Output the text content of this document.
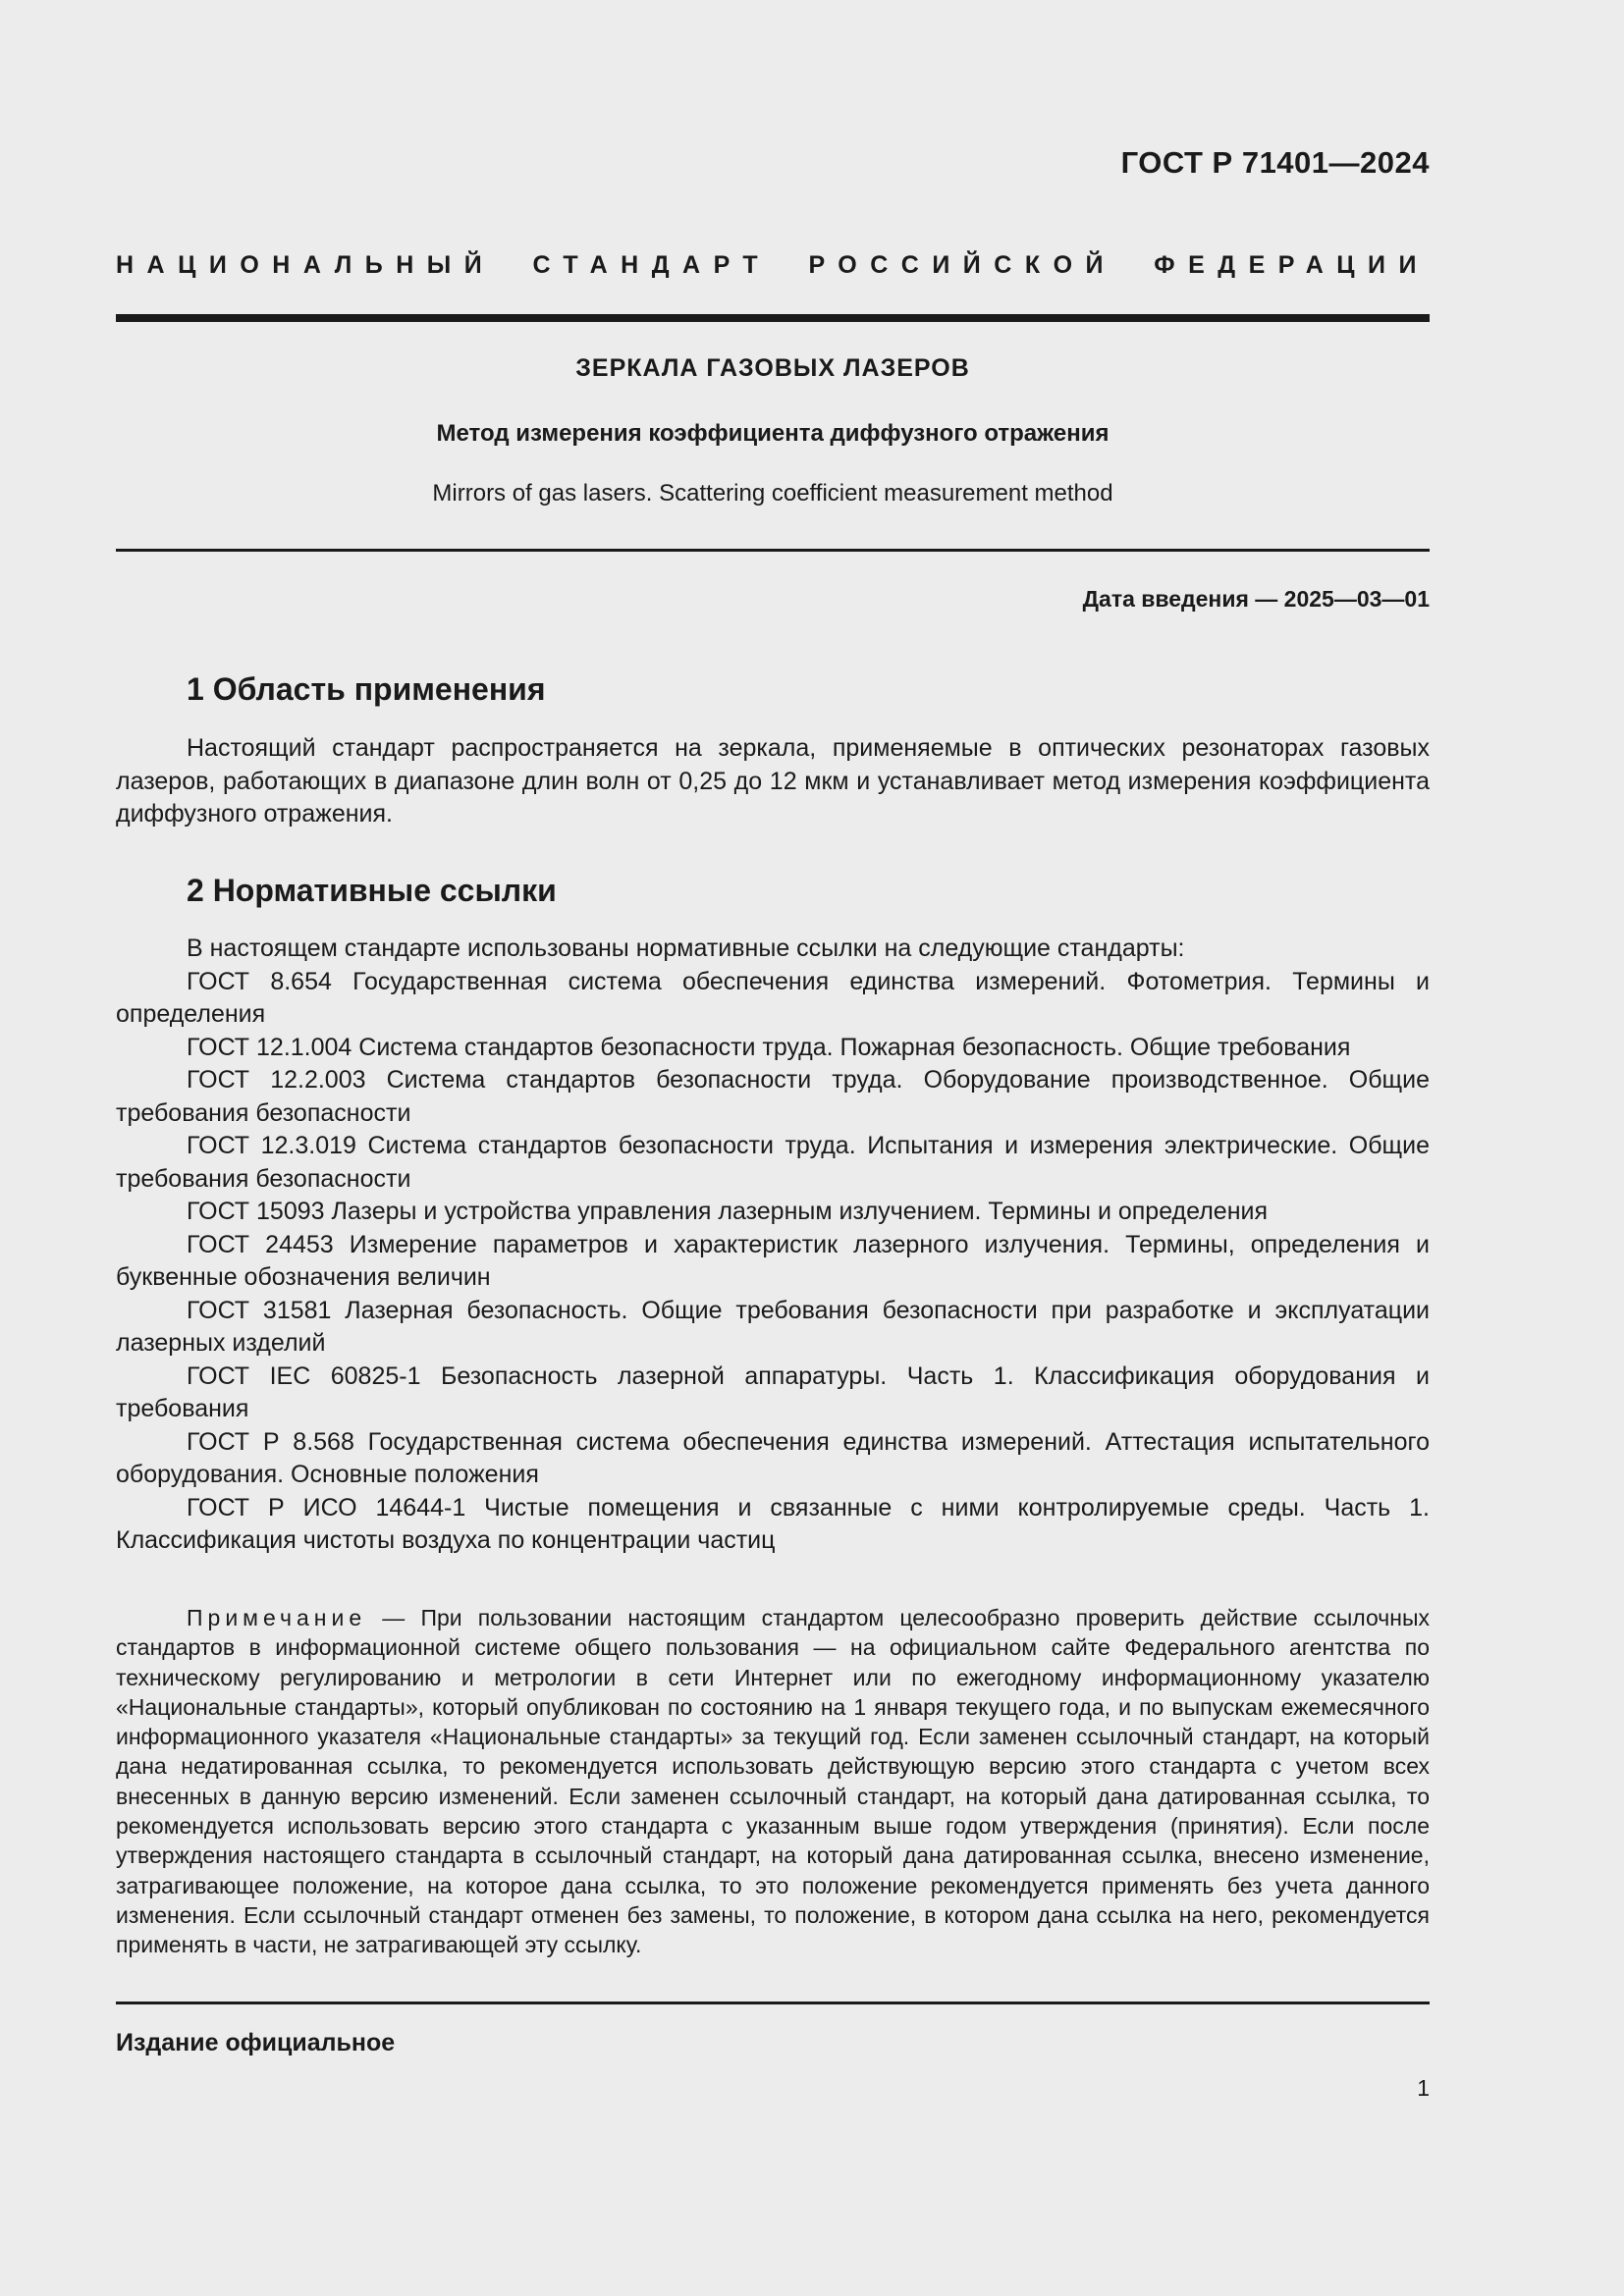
ГОСТ Р 71401—2024
НАЦИОНАЛЬНЫЙ СТАНДАРТ РОССИЙСКОЙ ФЕДЕРАЦИИ
ЗЕРКАЛА ГАЗОВЫХ ЛАЗЕРОВ
Метод измерения коэффициента диффузного отражения
Mirrors of gas lasers. Scattering coefficient measurement method
Дата введения — 2025—03—01
1 Область применения

Настоящий стандарт распространяется на зеркала, применяемые в оптических резонаторах газовых лазеров, работающих в диапазоне длин волн от 0,25 до 12 мкм и устанавливает метод измерения коэффициента диффузного отражения.

2 Нормативные ссылки

В настоящем стандарте использованы нормативные ссылки на следующие стандарты:

ГОСТ 8.654 Государственная система обеспечения единства измерений. Фотометрия. Термины и определения

ГОСТ 12.1.004 Система стандартов безопасности труда. Пожарная безопасность. Общие требования

ГОСТ 12.2.003 Система стандартов безопасности труда. Оборудование производственное. Общие требования безопасности

ГОСТ 12.3.019 Система стандартов безопасности труда. Испытания и измерения электрические. Общие требования безопасности

ГОСТ 15093 Лазеры и устройства управления лазерным излучением. Термины и определения

ГОСТ 24453 Измерение параметров и характеристик лазерного излучения. Термины, определения и буквенные обозначения величин

ГОСТ 31581 Лазерная безопасность. Общие требования безопасности при разработке и эксплуатации лазерных изделий

ГОСТ IEC 60825-1 Безопасность лазерной аппаратуры. Часть 1. Классификация оборудования и требования

ГОСТ Р 8.568 Государственная система обеспечения единства измерений. Аттестация испытательного оборудования. Основные положения

ГОСТ Р ИСО 14644-1 Чистые помещения и связанные с ними контролируемые среды. Часть 1. Классификация чистоты воздуха по концентрации частиц

Примечание — При пользовании настоящим стандартом целесообразно проверить действие ссылочных стандартов в информационной системе общего пользования — на официальном сайте Федерального агентства по техническому регулированию и метрологии в сети Интернет или по ежегодному информационному указателю «Национальные стандарты», который опубликован по состоянию на 1 января текущего года, и по выпускам ежемесячного информационного указателя «Национальные стандарты» за текущий год. Если заменен ссылочный стандарт, на который дана недатированная ссылка, то рекомендуется использовать действующую версию этого стандарта с учетом всех внесенных в данную версию изменений. Если заменен ссылочный стандарт, на который дана датированная ссылка, то рекомендуется использовать версию этого стандарта с указанным выше годом утверждения (принятия). Если после утверждения настоящего стандарта в ссылочный стандарт, на который дана датированная ссылка, внесено изменение, затрагивающее положение, на которое дана ссылка, то это положение рекомендуется применять без учета данного изменения. Если ссылочный стандарт отменен без замены, то положение, в котором дана ссылка на него, рекомендуется применять в части, не затрагивающей эту ссылку.

Издание официальное
1
